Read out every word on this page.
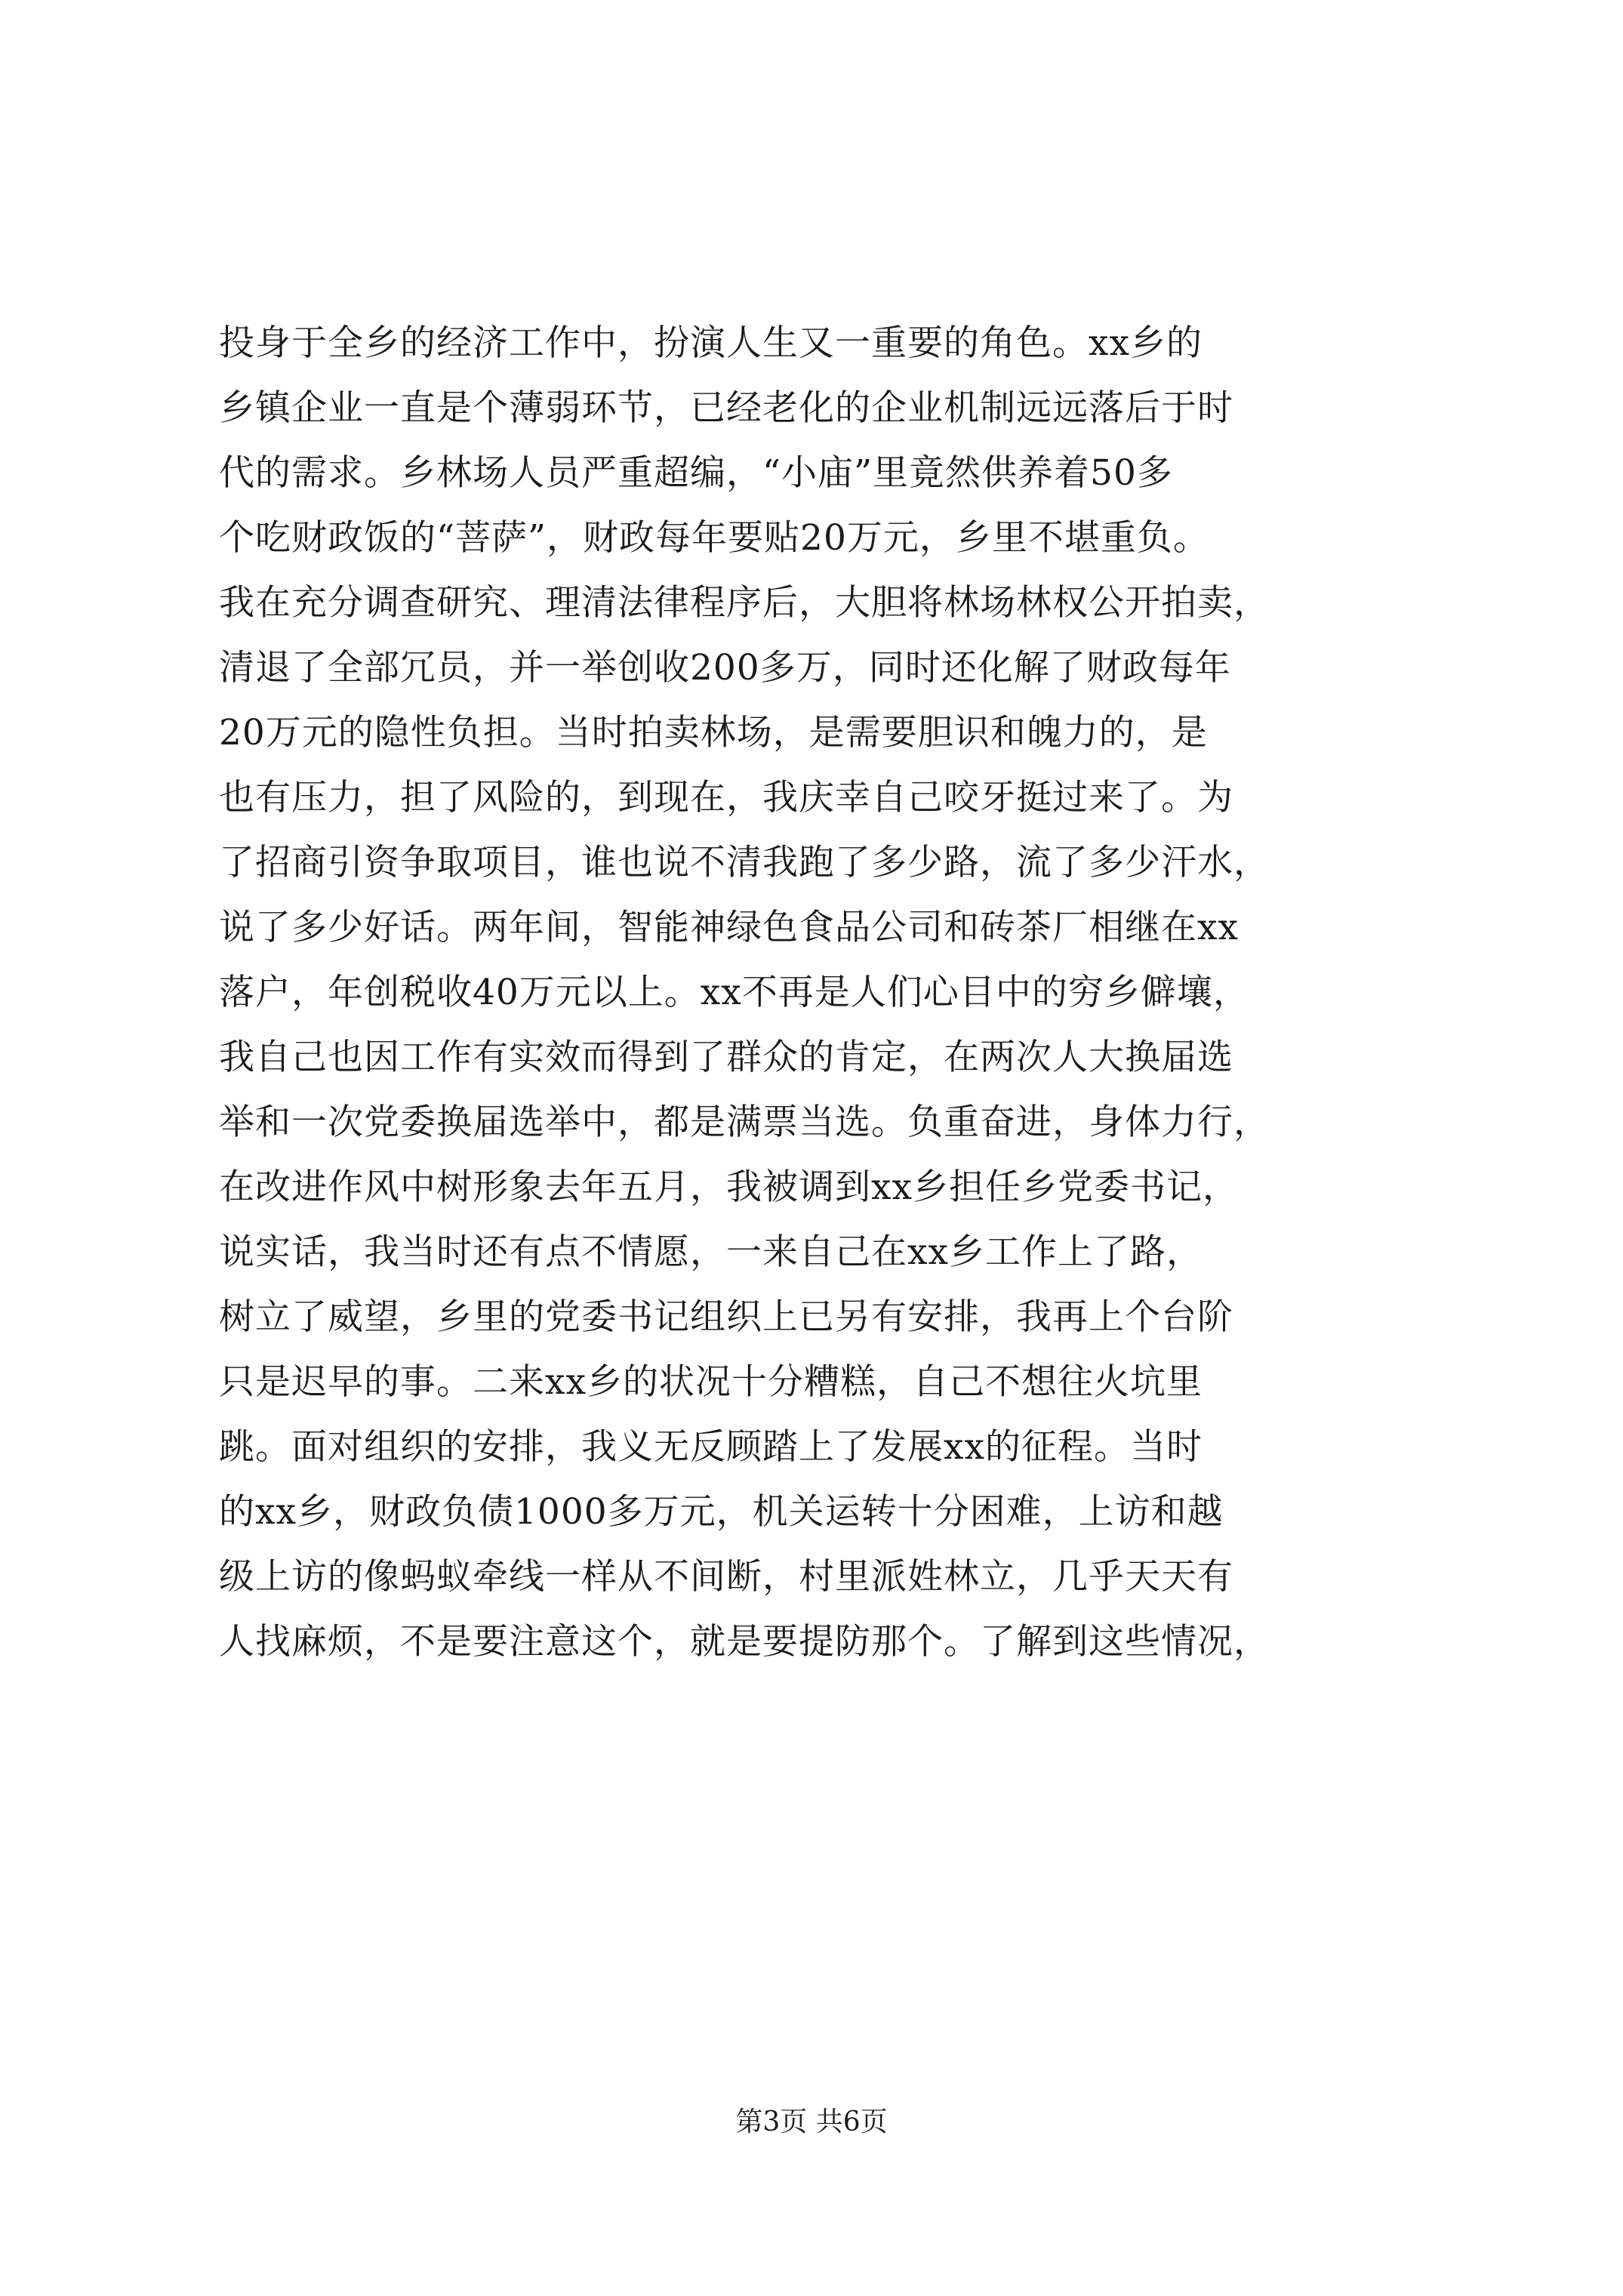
投身于全乡的经济工作中，扮演人生又一重要的角色。xx乡的
乡镇企业一直是个薄弱环节，已经老化的企业机制远远落后于时
代的需求。乡林场人员严重超编，“小庙”里竟然供养着50多
个吃财政饭的“菩萨”，财政每年要贴20万元，乡里不堪重负。
我在充分调查研究、理清法律程序后，大胆将林场林权公开拍卖，
清退了全部冗员，并一举创收200多万，同时还化解了财政每年
20万元的隐性负担。当时拍卖林场，是需要胆识和魄力的，是
也有压力，担了风险的，到现在，我庆幸自己咬牙挺过来了。为
了招商引资争取项目，谁也说不清我跑了多少路，流了多少汗水，
说了多少好话。两年间，智能神绿色食品公司和砖茶厂相继在xx
落户，年创税收40万元以上。xx不再是人们心目中的穷乡僻壤，
我自己也因工作有实效而得到了群众的肯定，在两次人大换届选
举和一次党委换届选举中，都是满票当选。负重奋进，身体力行，
在改进作风中树形象去年五月，我被调到xx乡担任乡党委书记，
说实话，我当时还有点不情愿，一来自己在xx乡工作上了路，
树立了威望，乡里的党委书记组织上已另有安排，我再上个台阶
只是迟早的事。二来xx乡的状况十分糟糕，自己不想往火坑里
跳。面对组织的安排，我义无反顾踏上了发展xx的征程。当时
的xx乡，财政负债1000多万元，机关运转十分困难，上访和越
级上访的像蚂蚁牵线一样从不间断，村里派姓林立，几乎天天有
人找麻烦，不是要注意这个，就是要提防那个。了解到这些情况，
第3页 共6页
